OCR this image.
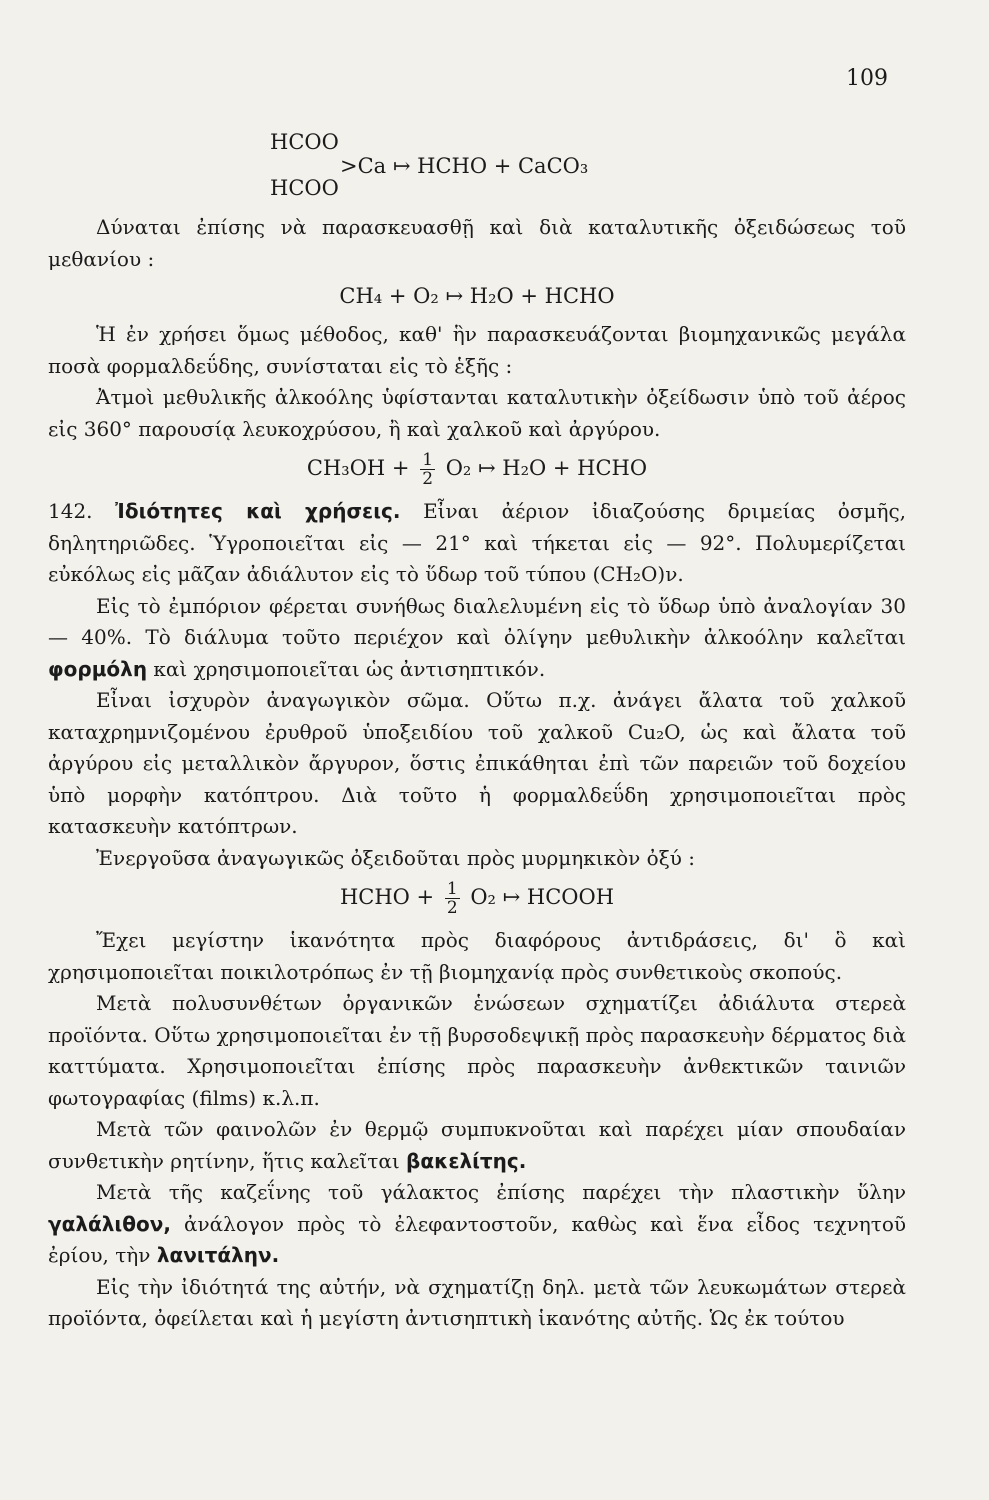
109
HCOO
HCOO
>Ca ↦ HCHO + CaCO₃

Δύναται ἐπίσης νὰ παρασκευασθῇ καὶ διὰ καταλυτικῆς ὀξειδώσεως τοῦ μεθανίου :

CH₄ + O₂ ↦ H₂O + HCHO

Ἡ ἐν χρήσει ὅμως μέθοδος, καθ' ἣν παρασκευάζονται βιομηχανικῶς μεγάλα ποσὰ φορμαλδεΰδης, συνίσταται εἰς τὸ ἑξῆς :

Ἀτμοὶ μεθυλικῆς ἀλκοόλης ὑφίστανται καταλυτικὴν ὀξείδωσιν ὑπὸ τοῦ ἀέρος εἰς 360° παρουσίᾳ λευκοχρύσου, ἢ καὶ χαλκοῦ καὶ ἀργύρου.

$CH_3OH + \frac{1}{2} O_2$ ↦ H₂O + HCHO

142. Ἰδιότητες καὶ χρήσεις. Εἶναι ἀέριον ἰδιαζούσης δριμείας ὀσμῆς, δηλητηριῶδες. Ὑγροποιεῖται εἰς — 21° καὶ τήκεται εἰς — 92°. Πολυμερίζεται εὐκόλως εἰς μᾶζαν ἀδιάλυτον εἰς τὸ ὕδωρ τοῦ τύπου (CH₂O)ν.

Εἰς τὸ ἐμπόριον φέρεται συνήθως διαλελυμένη εἰς τὸ ὕδωρ ὑπὸ ἀναλογίαν 30 — 40%. Τὸ διάλυμα τοῦτο περιέχον καὶ ὀλίγην μεθυλικὴν ἀλκοόλην καλεῖται φορμόλη καὶ χρησιμοποιεῖται ὡς ἀντισηπτικόν.

Εἶναι ἰσχυρὸν ἀναγωγικὸν σῶμα. Οὕτω π.χ. ἀνάγει ἄλατα τοῦ χαλκοῦ καταχρημνιζομένου ἐρυθροῦ ὑποξειδίου τοῦ χαλκοῦ Cu₂O, ὡς καὶ ἄλατα τοῦ ἀργύρου εἰς μεταλλικὸν ἄργυρον, ὅστις ἐπικάθηται ἐπὶ τῶν παρειῶν τοῦ δοχείου ὑπὸ μορφὴν κατόπτρου. Διὰ τοῦτο ἡ φορμαλδεΰδη χρησιμοποιεῖται πρὸς κατασκευὴν κατόπτρων.

Ἐνεργοῦσα ἀναγωγικῶς ὀξειδοῦται πρὸς μυρμηκικὸν ὀξύ :

HCHO + $\frac{1}{2} O_2$ ↦ HCOOH

Ἔχει μεγίστην ἱκανότητα πρὸς διαφόρους ἀντιδράσεις, δι' ὃ καὶ χρησιμοποιεῖται ποικιλοτρόπως ἐν τῇ βιομηχανίᾳ πρὸς συνθετικοὺς σκοπούς.

Μετὰ πολυσυνθέτων ὀργανικῶν ἑνώσεων σχηματίζει ἀδιάλυτα στερεὰ προϊόντα. Οὕτω χρησιμοποιεῖται ἐν τῇ βυρσοδεψικῇ πρὸς παρασκευὴν δέρματος διὰ καττύματα. Χρησιμοποιεῖται ἐπίσης πρὸς παρασκευὴν ἀνθεκτικῶν ταινιῶν φωτογραφίας (films) κ.λ.π.

Μετὰ τῶν φαινολῶν ἐν θερμῷ συμπυκνοῦται καὶ παρέχει μίαν σπουδαίαν συνθετικὴν ρητίνην, ἥτις καλεῖται βακελίτης.

Μετὰ τῆς καζεΐνης τοῦ γάλακτος ἐπίσης παρέχει τὴν πλαστικὴν ὕλην γαλάλιθον, ἀνάλογον πρὸς τὸ ἐλεφαντοστοῦν, καθὼς καὶ ἕνα εἶδος τεχνητοῦ ἐρίου, τὴν λανιτάλην.

Εἰς τὴν ἰδιότητά της αὐτήν, νὰ σχηματίζῃ δηλ. μετὰ τῶν λευκωμάτων στερεὰ προϊόντα, ὀφείλεται καὶ ἡ μεγίστη ἀντισηπτικὴ ἱκανότης αὐτῆς. Ὡς ἐκ τούτου
